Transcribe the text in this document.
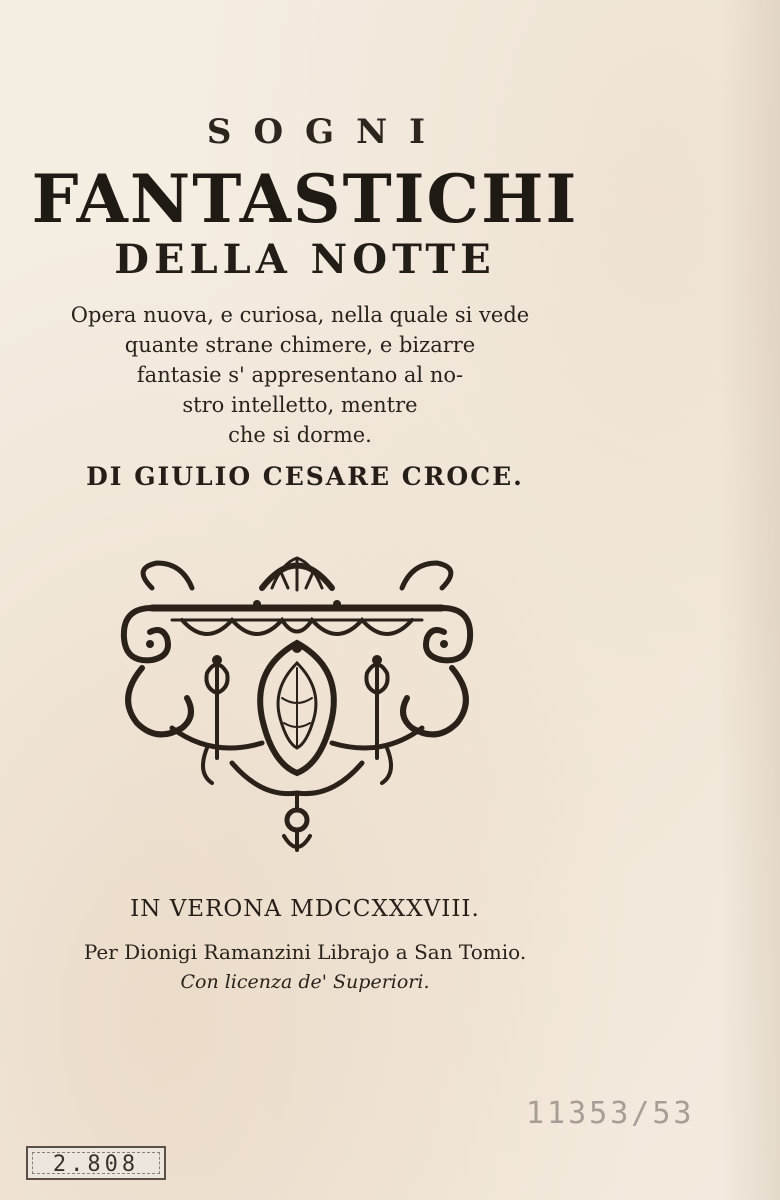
SOGNI
FANTASTICHI
DELLA NOTTE
Opera nuova, e curiosa, nella quale si vede
quante strane chimere, e bizarre
fantasie s' appresentano al no-
stro intelletto, mentre
che si dorme.
DI GIULIO CESARE CROCE.
IN VERONA MDCCXXXVIII.
Per Dionigi Ramanzini Librajo a San Tomio.
Con licenza de' Superiori.
11353/53
2.808
